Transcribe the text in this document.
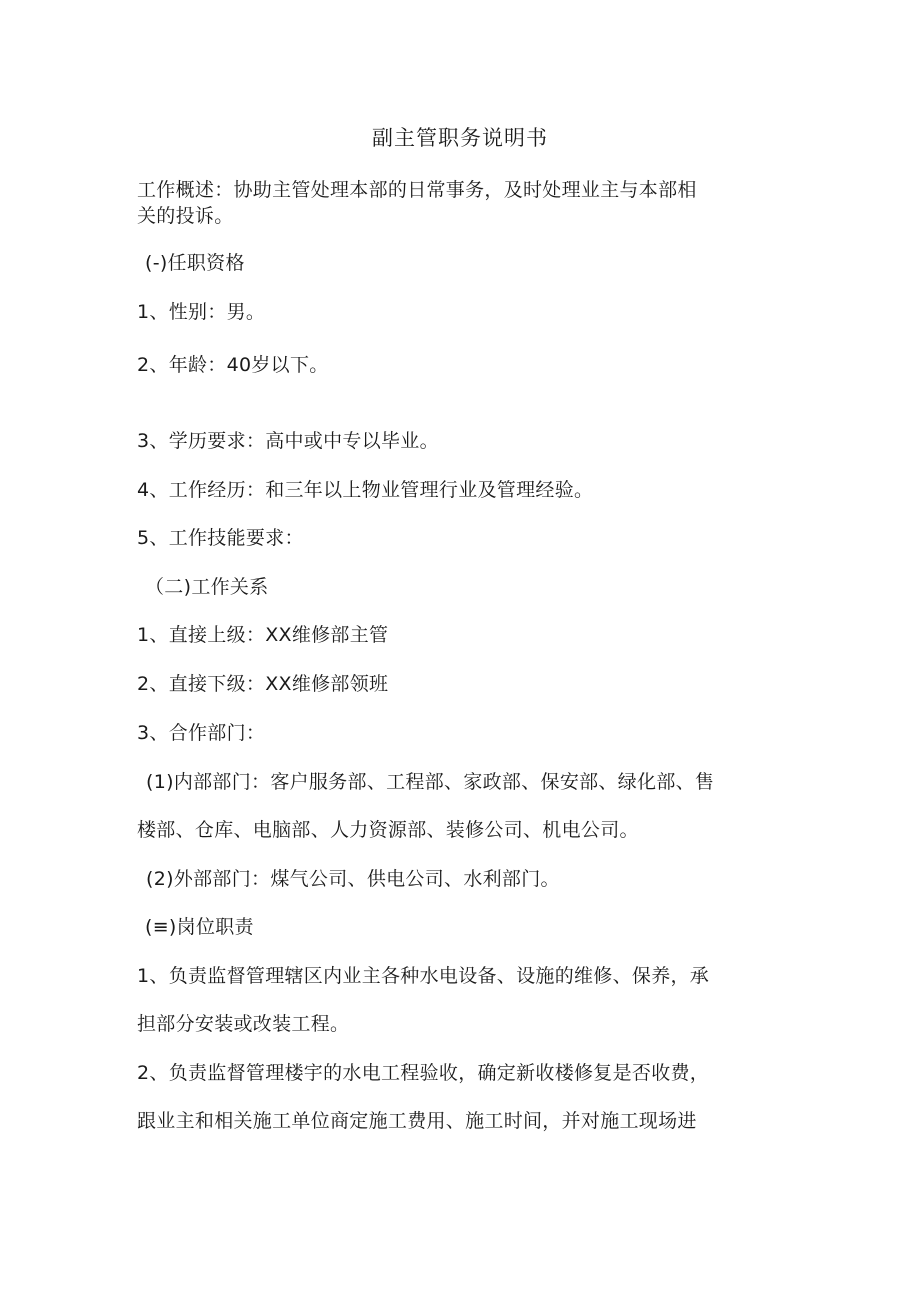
副主管职务说明书
工作概述：协助主管处理本部的日常事务，及时处理业主与本部相
关的投诉。
(-)任职资格
1、性别：男。
2、年龄：40岁以下。
3、学历要求：高中或中专以毕业。
4、工作经历：和三年以上物业管理行业及管理经验。
5、工作技能要求：
（二)工作关系
1、直接上级：XX维修部主管
2、直接下级：XX维修部领班
3、合作部门：
(1)内部部门：客户服务部、工程部、家政部、保安部、绿化部、售
楼部、仓库、电脑部、人力资源部、装修公司、机电公司。
(2)外部部门：煤气公司、供电公司、水利部门。
(≡)岗位职责
1、负责监督管理辖区内业主各种水电设备、设施的维修、保养，承
担部分安装或改装工程。
2、负责监督管理楼宇的水电工程验收，确定新收楼修复是否收费，
跟业主和相关施工单位商定施工费用、施工时间，并对施工现场进
